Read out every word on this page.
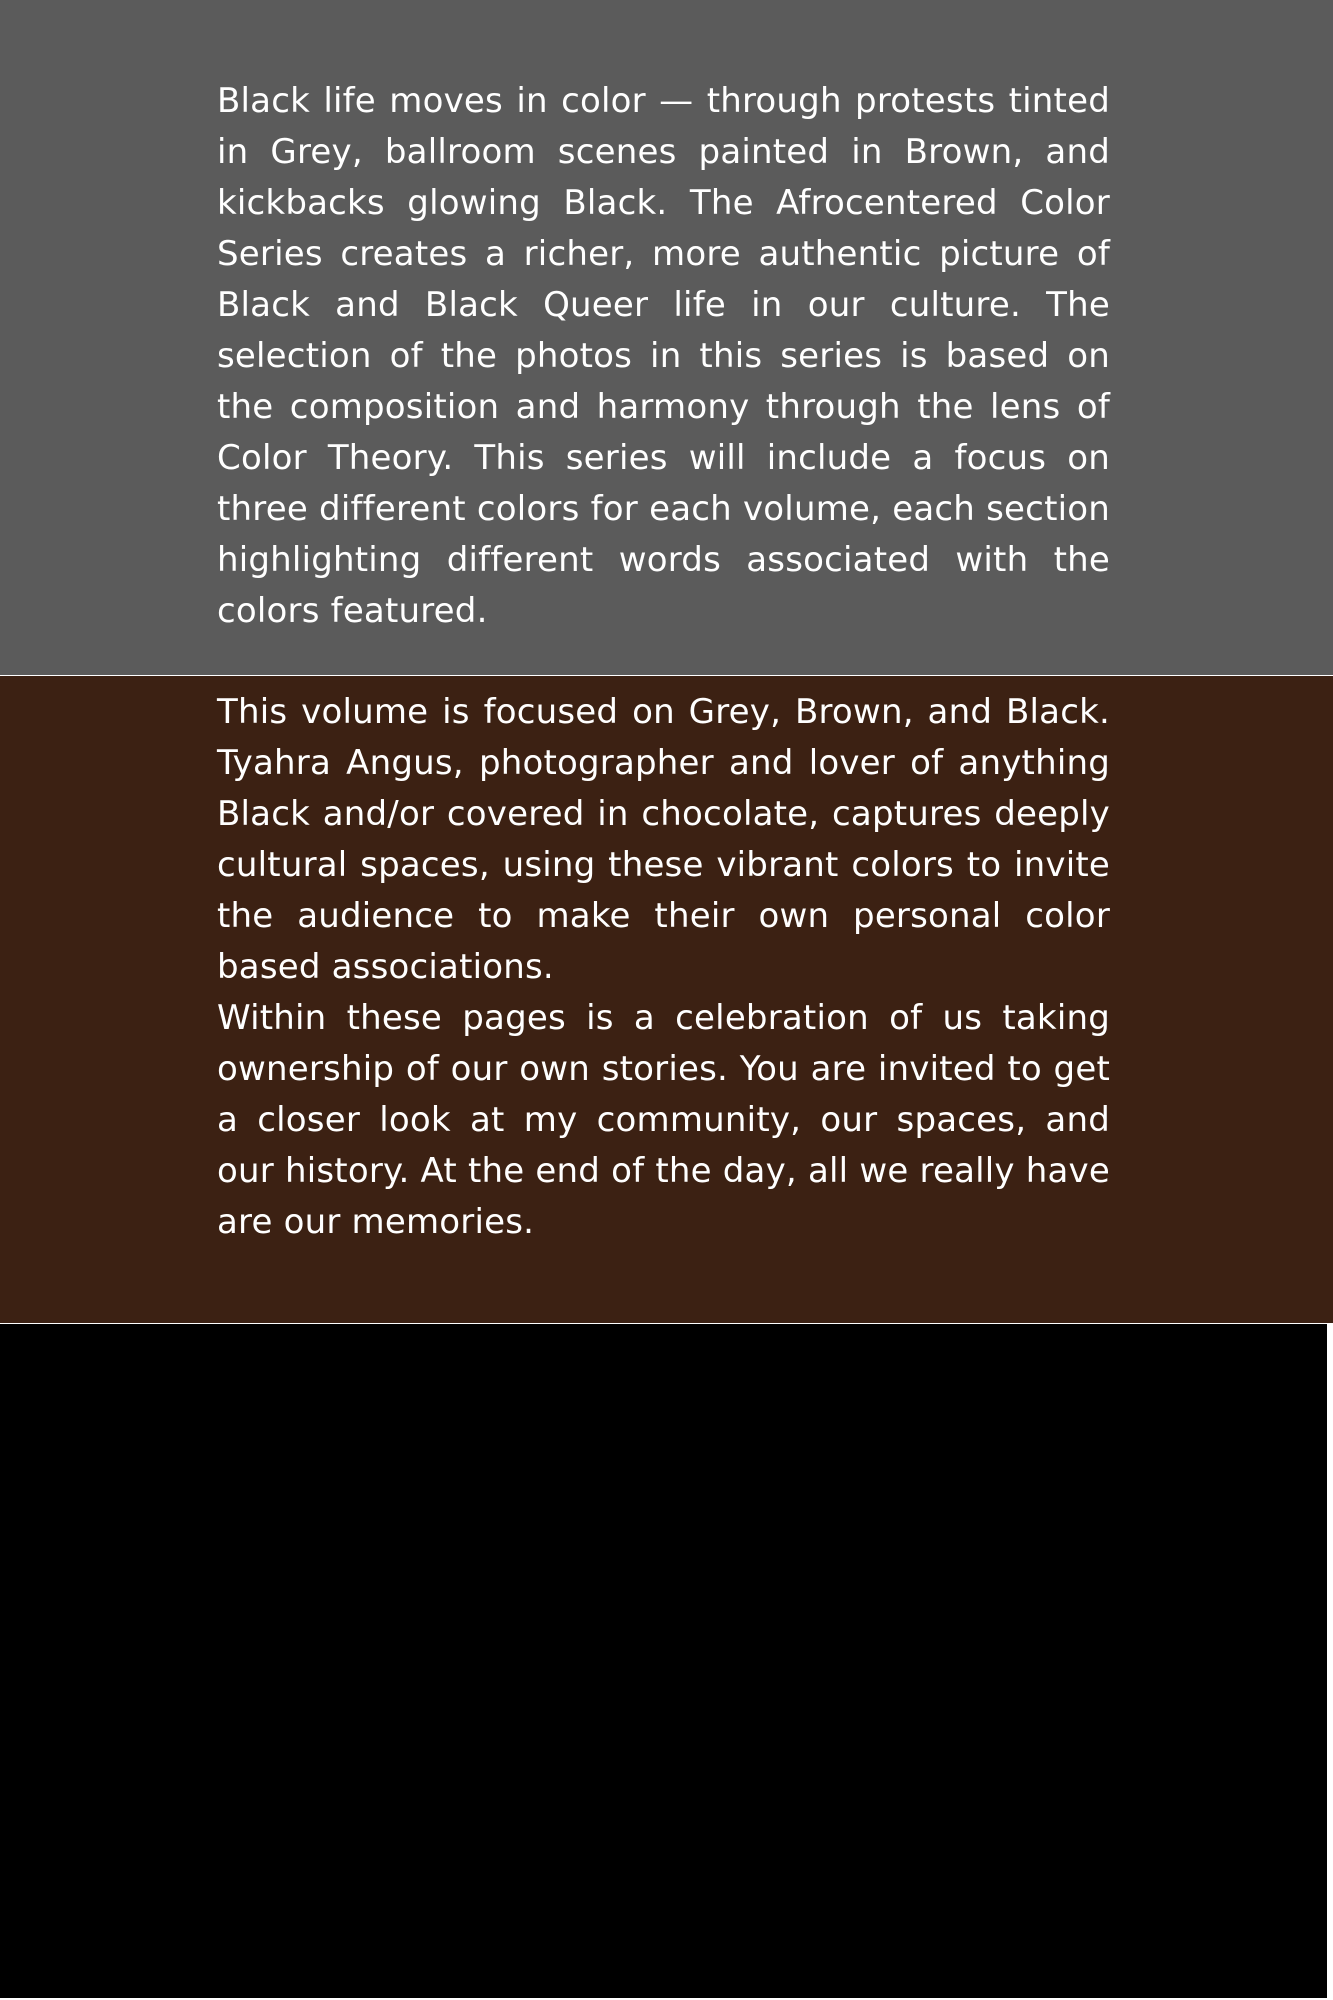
Black life moves in color — through protests tinted in Grey, ballroom scenes painted in Brown, and kickbacks glowing Black. The Afrocentered Color Series creates a richer, more authentic picture of Black and Black Queer life in our culture. The selection of the photos in this series is based on the composition and harmony through the lens of Color Theory. This series will include a focus on three different colors for each volume, each section highlighting different words associated with the colors featured.

This volume is focused on Grey, Brown, and Black. Tyahra Angus, photographer and lover of anything Black and/or covered in chocolate, captures deeply cultural spaces, using these vibrant colors to invite the audience to make their own personal color based associations.

Within these pages is a celebration of us taking ownership of our own stories. You are invited to get a closer look at my community, our spaces, and our history. At the end of the day, all we really have are our memories.
